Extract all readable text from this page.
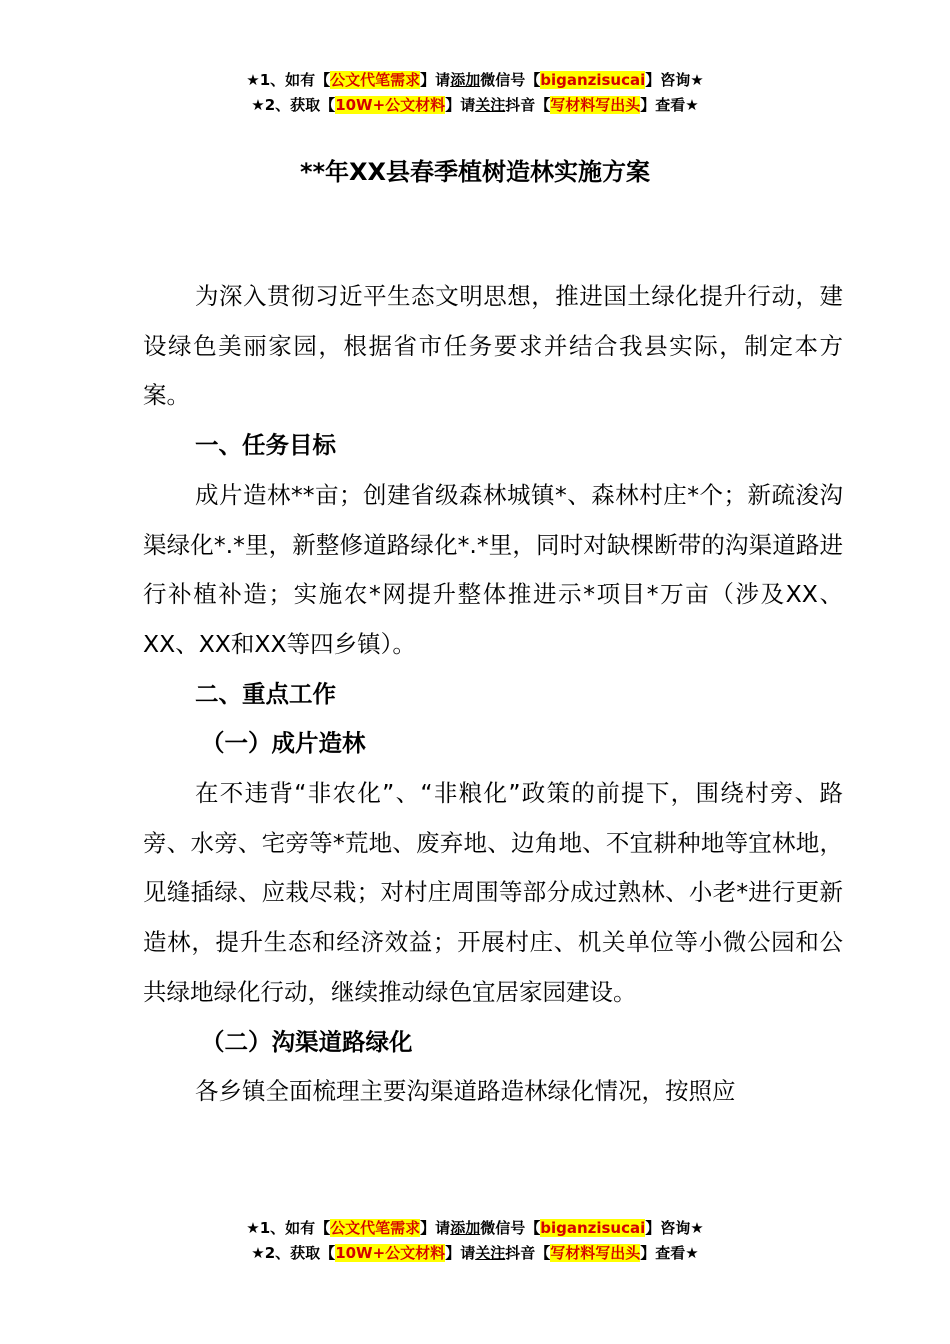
★1、如有【公文代笔需求】请添加微信号【biganzisucai】咨询★
★2、获取【10W+公文材料】请关注抖音【写材料写出头】查看★
**年XX县春季植树造林实施方案

为深入贯彻习近平生态文明思想，推进国土绿化提升行动，建设绿色美丽家园，根据省市任务要求并结合我县实际，制定本方案。

一、任务目标

成片造林**亩；创建省级森林城镇*、森林村庄*个；新疏浚沟渠绿化*.*里，新整修道路绿化*.*里，同时对缺棵断带的沟渠道路进行补植补造；实施农*网提升整体推进示*项目*万亩（涉及XX、XX、XX和XX等四乡镇）。

二、重点工作

（一）成片造林

在不违背“非农化”、“非粮化”政策的前提下，围绕村旁、路旁、水旁、宅旁等*荒地、废弃地、边角地、不宜耕种地等宜林地，见缝插绿、应栽尽栽；对村庄周围等部分成过熟林、小老*进行更新造林，提升生态和经济效益；开展村庄、机关单位等小微公园和公共绿地绿化行动，继续推动绿色宜居家园建设。

（二）沟渠道路绿化

各乡镇全面梳理主要沟渠道路造林绿化情况，按照应

★1、如有【公文代笔需求】请添加微信号【biganzisucai】咨询★
★2、获取【10W+公文材料】请关注抖音【写材料写出头】查看★
